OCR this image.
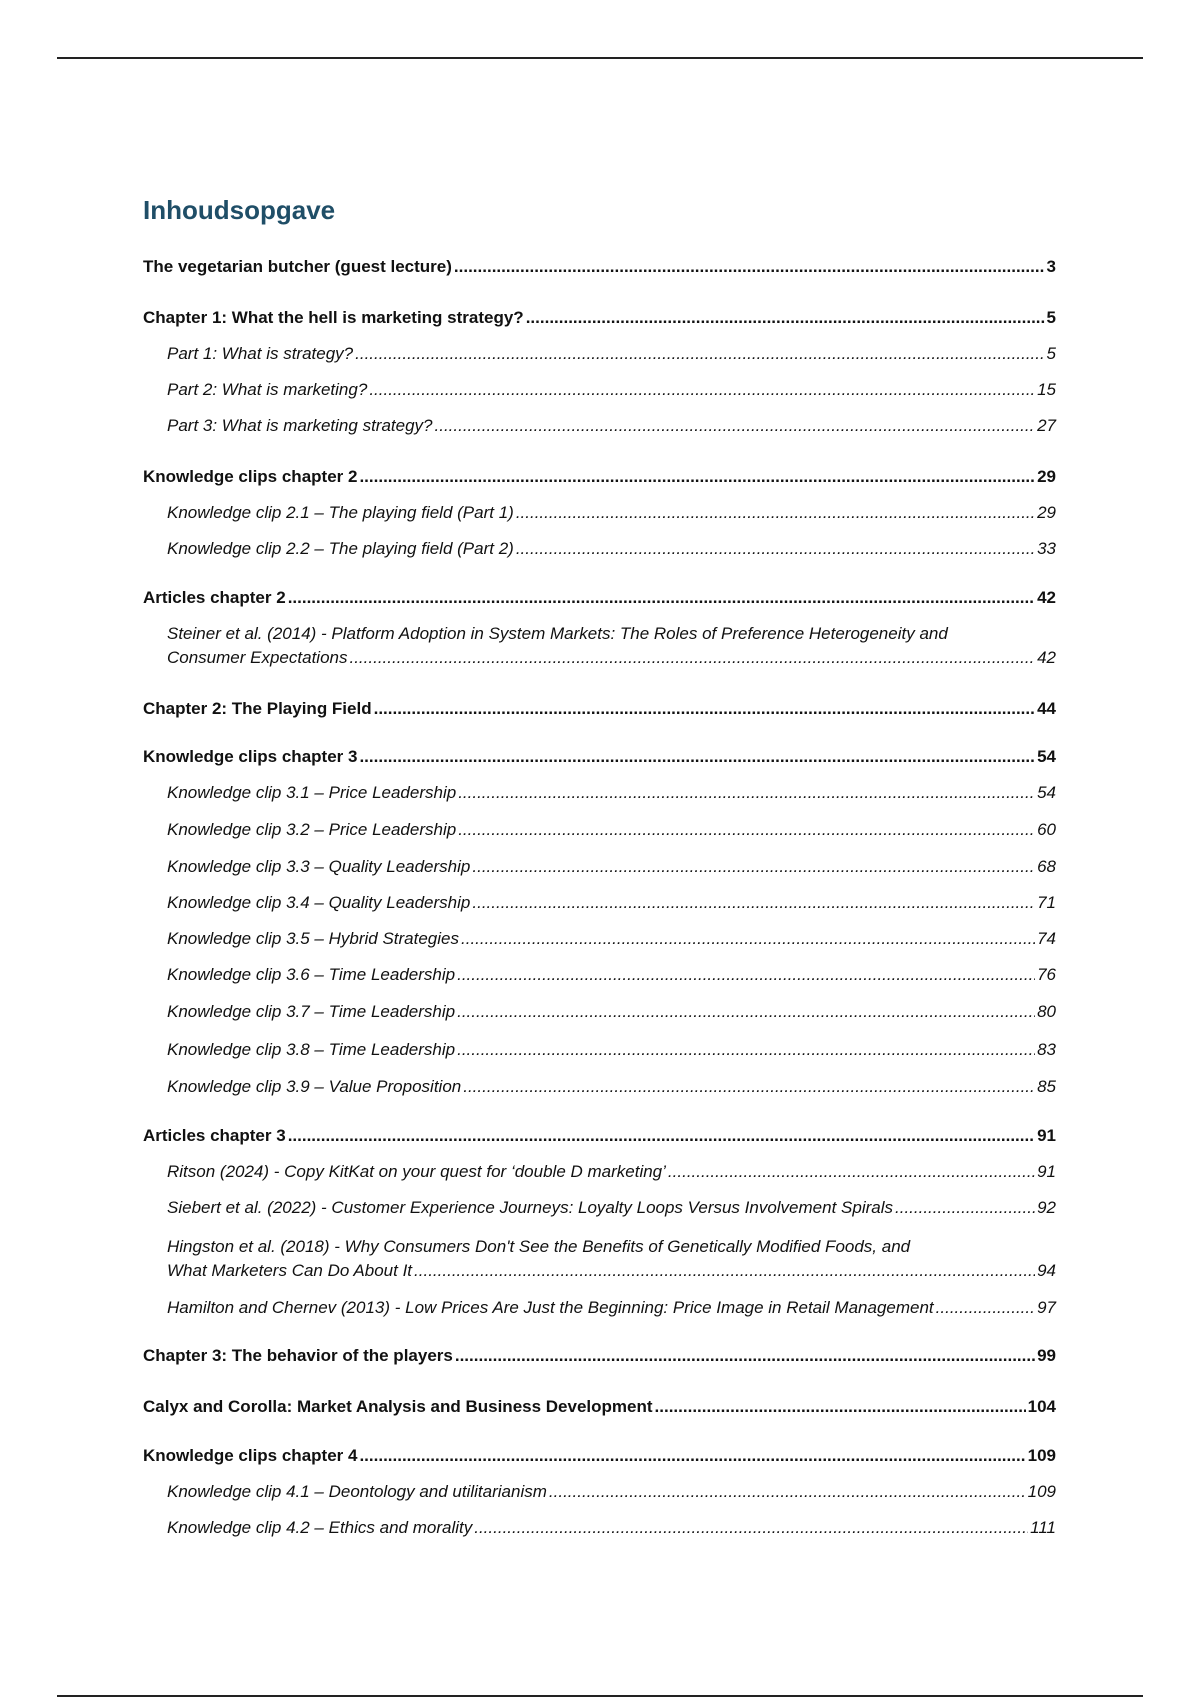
Inhoudsopgave
The vegetarian butcher (guest lecture) .....	3
Chapter 1: What the hell is marketing strategy? .....	5
Part 1: What is strategy? .....	5
Part 2: What is marketing? .....	15
Part 3: What is marketing strategy? .....	27
Knowledge clips chapter 2 .....	29
Knowledge clip 2.1 – The playing field (Part 1) .....	29
Knowledge clip 2.2 – The playing field (Part 2) .....	33
Articles chapter 2 .....	42
Steiner et al. (2014) - Platform Adoption in System Markets: The Roles of Preference Heterogeneity and
Consumer Expectations .....	42
Chapter 2: The Playing Field .....	44
Knowledge clips chapter 3 .....	54
Knowledge clip 3.1 – Price Leadership .....	54
Knowledge clip 3.2 – Price Leadership .....	60
Knowledge clip 3.3 – Quality Leadership .....	68
Knowledge clip 3.4 – Quality Leadership .....	71
Knowledge clip 3.5 – Hybrid Strategies .....	74
Knowledge clip 3.6 – Time Leadership .....	76
Knowledge clip 3.7 – Time Leadership .....	80
Knowledge clip 3.8 – Time Leadership .....	83
Knowledge clip 3.9 – Value Proposition .....	85
Articles chapter 3 .....	91
Ritson (2024) - Copy KitKat on your quest for ‘double D marketing’ .....	91
Siebert et al. (2022) - Customer Experience Journeys: Loyalty Loops Versus Involvement Spirals .....	92
Hingston et al. (2018) - Why Consumers Don't See the Benefits of Genetically Modified Foods, and
What Marketers Can Do About It .....	94
Hamilton and Chernev (2013) - Low Prices Are Just the Beginning: Price Image in Retail Management .....	97
Chapter 3: The behavior of the players .....	99
Calyx and Corolla: Market Analysis and Business Development .....	104
Knowledge clips chapter 4 .....	109
Knowledge clip 4.1 – Deontology and utilitarianism .....	109
Knowledge clip 4.2 – Ethics and morality .....	111
